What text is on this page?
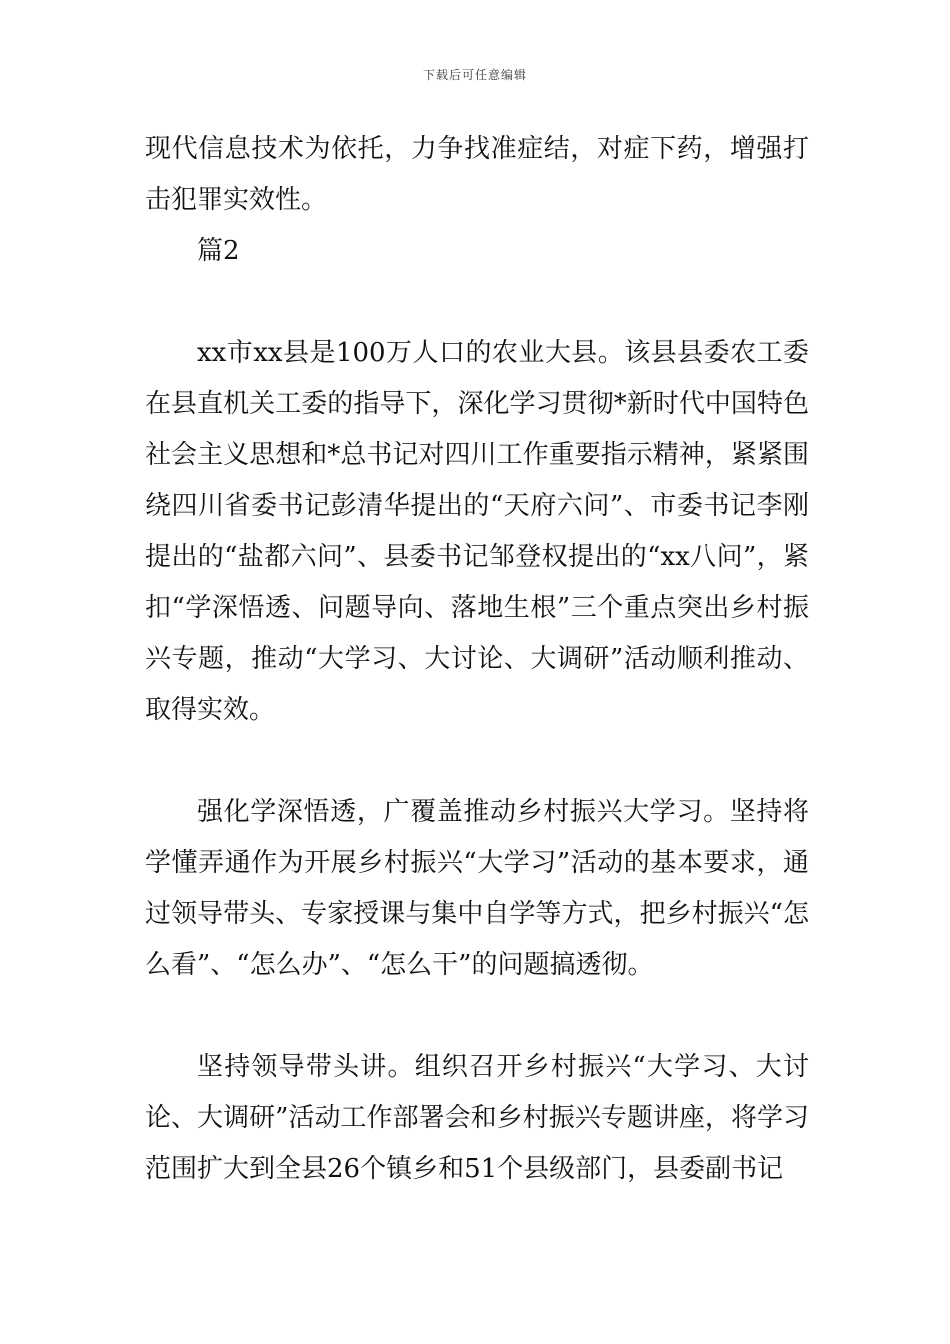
下载后可任意编辑

现代信息技术为依托，力争找准症结，对症下药，增强打击犯罪实效性。

篇2

xx市xx县是100万人口的农业大县。该县县委农工委在县直机关工委的指导下，深化学习贯彻*新时代中国特色社会主义思想和*总书记对四川工作重要指示精神，紧紧围绕四川省委书记彭清华提出的“天府六问”、市委书记李刚提出的“盐都六问”、县委书记邹登权提出的“xx八问”，紧扣“学深悟透、问题导向、落地生根”三个重点突出乡村振兴专题，推动“大学习、大讨论、大调研”活动顺利推动、取得实效。

强化学深悟透，广覆盖推动乡村振兴大学习。坚持将学懂弄通作为开展乡村振兴“大学习”活动的基本要求，通过领导带头、专家授课与集中自学等方式，把乡村振兴“怎么看”、“怎么办”、“怎么干”的问题搞透彻。

坚持领导带头讲。组织召开乡村振兴“大学习、大讨论、大调研”活动工作部署会和乡村振兴专题讲座，将学习范围扩大到全县26个镇乡和51个县级部门，县委副书记
